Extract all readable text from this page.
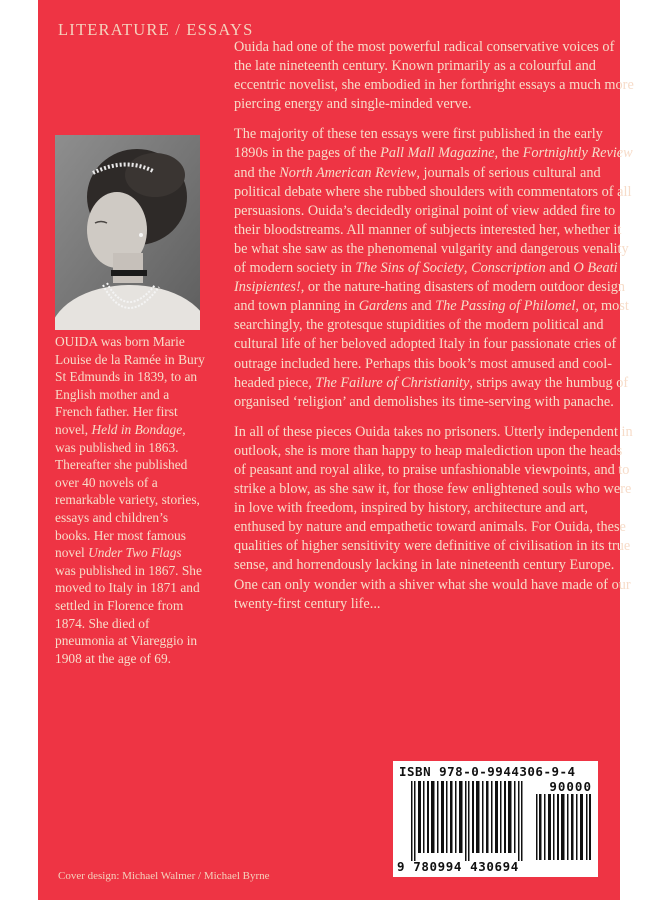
LITERATURE / ESSAYS
OUIDA was born Marie Louise de la Ramée in Bury St Edmunds in 1839, to an English mother and a French father. Her first novel, Held in Bondage, was published in 1863. Thereafter she published over 40 novels of a remarkable variety, stories, essays and children’s books. Her most famous novel Under Two Flags was published in 1867. She moved to Italy in 1871 and settled in Florence from 1874. She died of pneumonia at Viareggio in 1908 at the age of 69.

Ouida had one of the most powerful radical conservative voices of the late nineteenth century. Known primarily as a colourful and eccentric novelist, she embodied in her forthright essays a much more piercing energy and single-minded verve.

The majority of these ten essays were first published in the early 1890s in the pages of the Pall Mall Magazine, the Fortnightly Review and the North American Review, journals of serious cultural and political debate where she rubbed shoulders with commentators of all persuasions. Ouida’s decidedly original point of view added fire to their bloodstreams. All manner of subjects interested her, whether it be what she saw as the phenomenal vulgarity and dangerous venality of modern society in The Sins of Society, Conscription and O Beati Insipientes!, or the nature-hating disasters of modern outdoor design and town planning in Gardens and The Passing of Philomel, or, most searchingly, the grotesque stupidities of the modern political and cultural life of her beloved adopted Italy in four passionate cries of outrage included here. Perhaps this book’s most amused and cool-headed piece, The Failure of Christianity, strips away the humbug of organised ‘religion’ and demolishes its time-serving with panache.

In all of these pieces Ouida takes no prisoners. Utterly independent in outlook, she is more than happy to heap malediction upon the heads of peasant and royal alike, to praise unfashionable viewpoints, and to strike a blow, as she saw it, for those few enlightened souls who were in love with freedom, inspired by history, architecture and art, enthused by nature and empathetic toward animals. For Ouida, these qualities of higher sensitivity were definitive of civilisation in its true sense, and horrendously lacking in late nineteenth century Europe. One can only wonder with a shiver what she would have made of our twenty-first century life...

Cover design: Michael Walmer / Michael Byrne
ISBN 978-0-9944306-9-4
90000
9 780994 430694
